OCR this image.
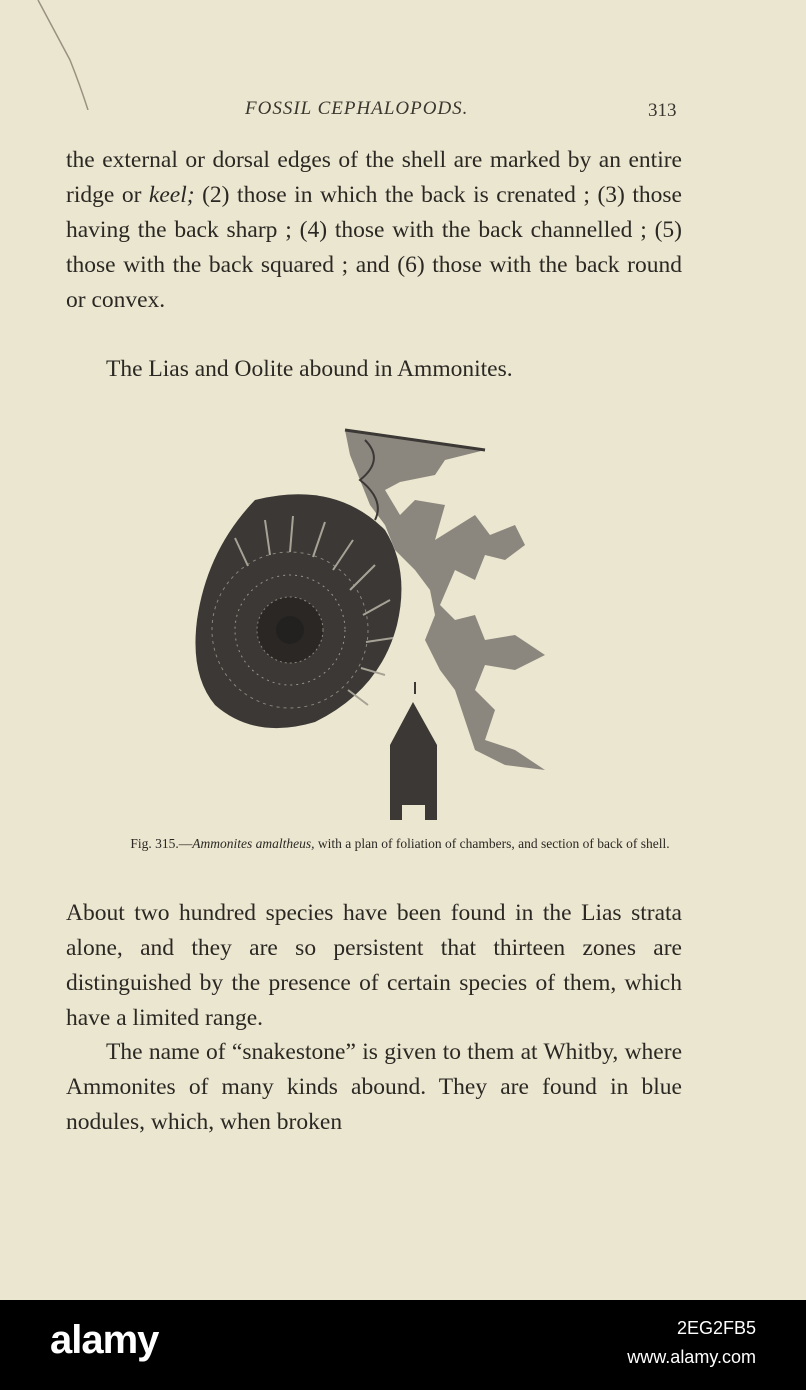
FOSSIL CEPHALOPODS.	313

the external or dorsal edges of the shell are marked by an entire ridge or keel; (2) those in which the back is crenated ; (3) those having the back sharp ; (4) those with the back channelled ; (5) those with the back squared ; and (6) those with the back round or convex.

The Lias and Oolite abound in Ammonites.

Fig. 315.—Ammonites amaltheus, with a plan of foliation of chambers, and section of back of shell.

About two hundred species have been found in the Lias strata alone, and they are so persistent that thirteen zones are distinguished by the presence of certain species of them, which have a limited range.

The name of “snakestone” is given to them at Whitby, where Ammonites of many kinds abound. They are found in blue nodules, which, when broken

alamy	2EG2FB5
www.alamy.com
